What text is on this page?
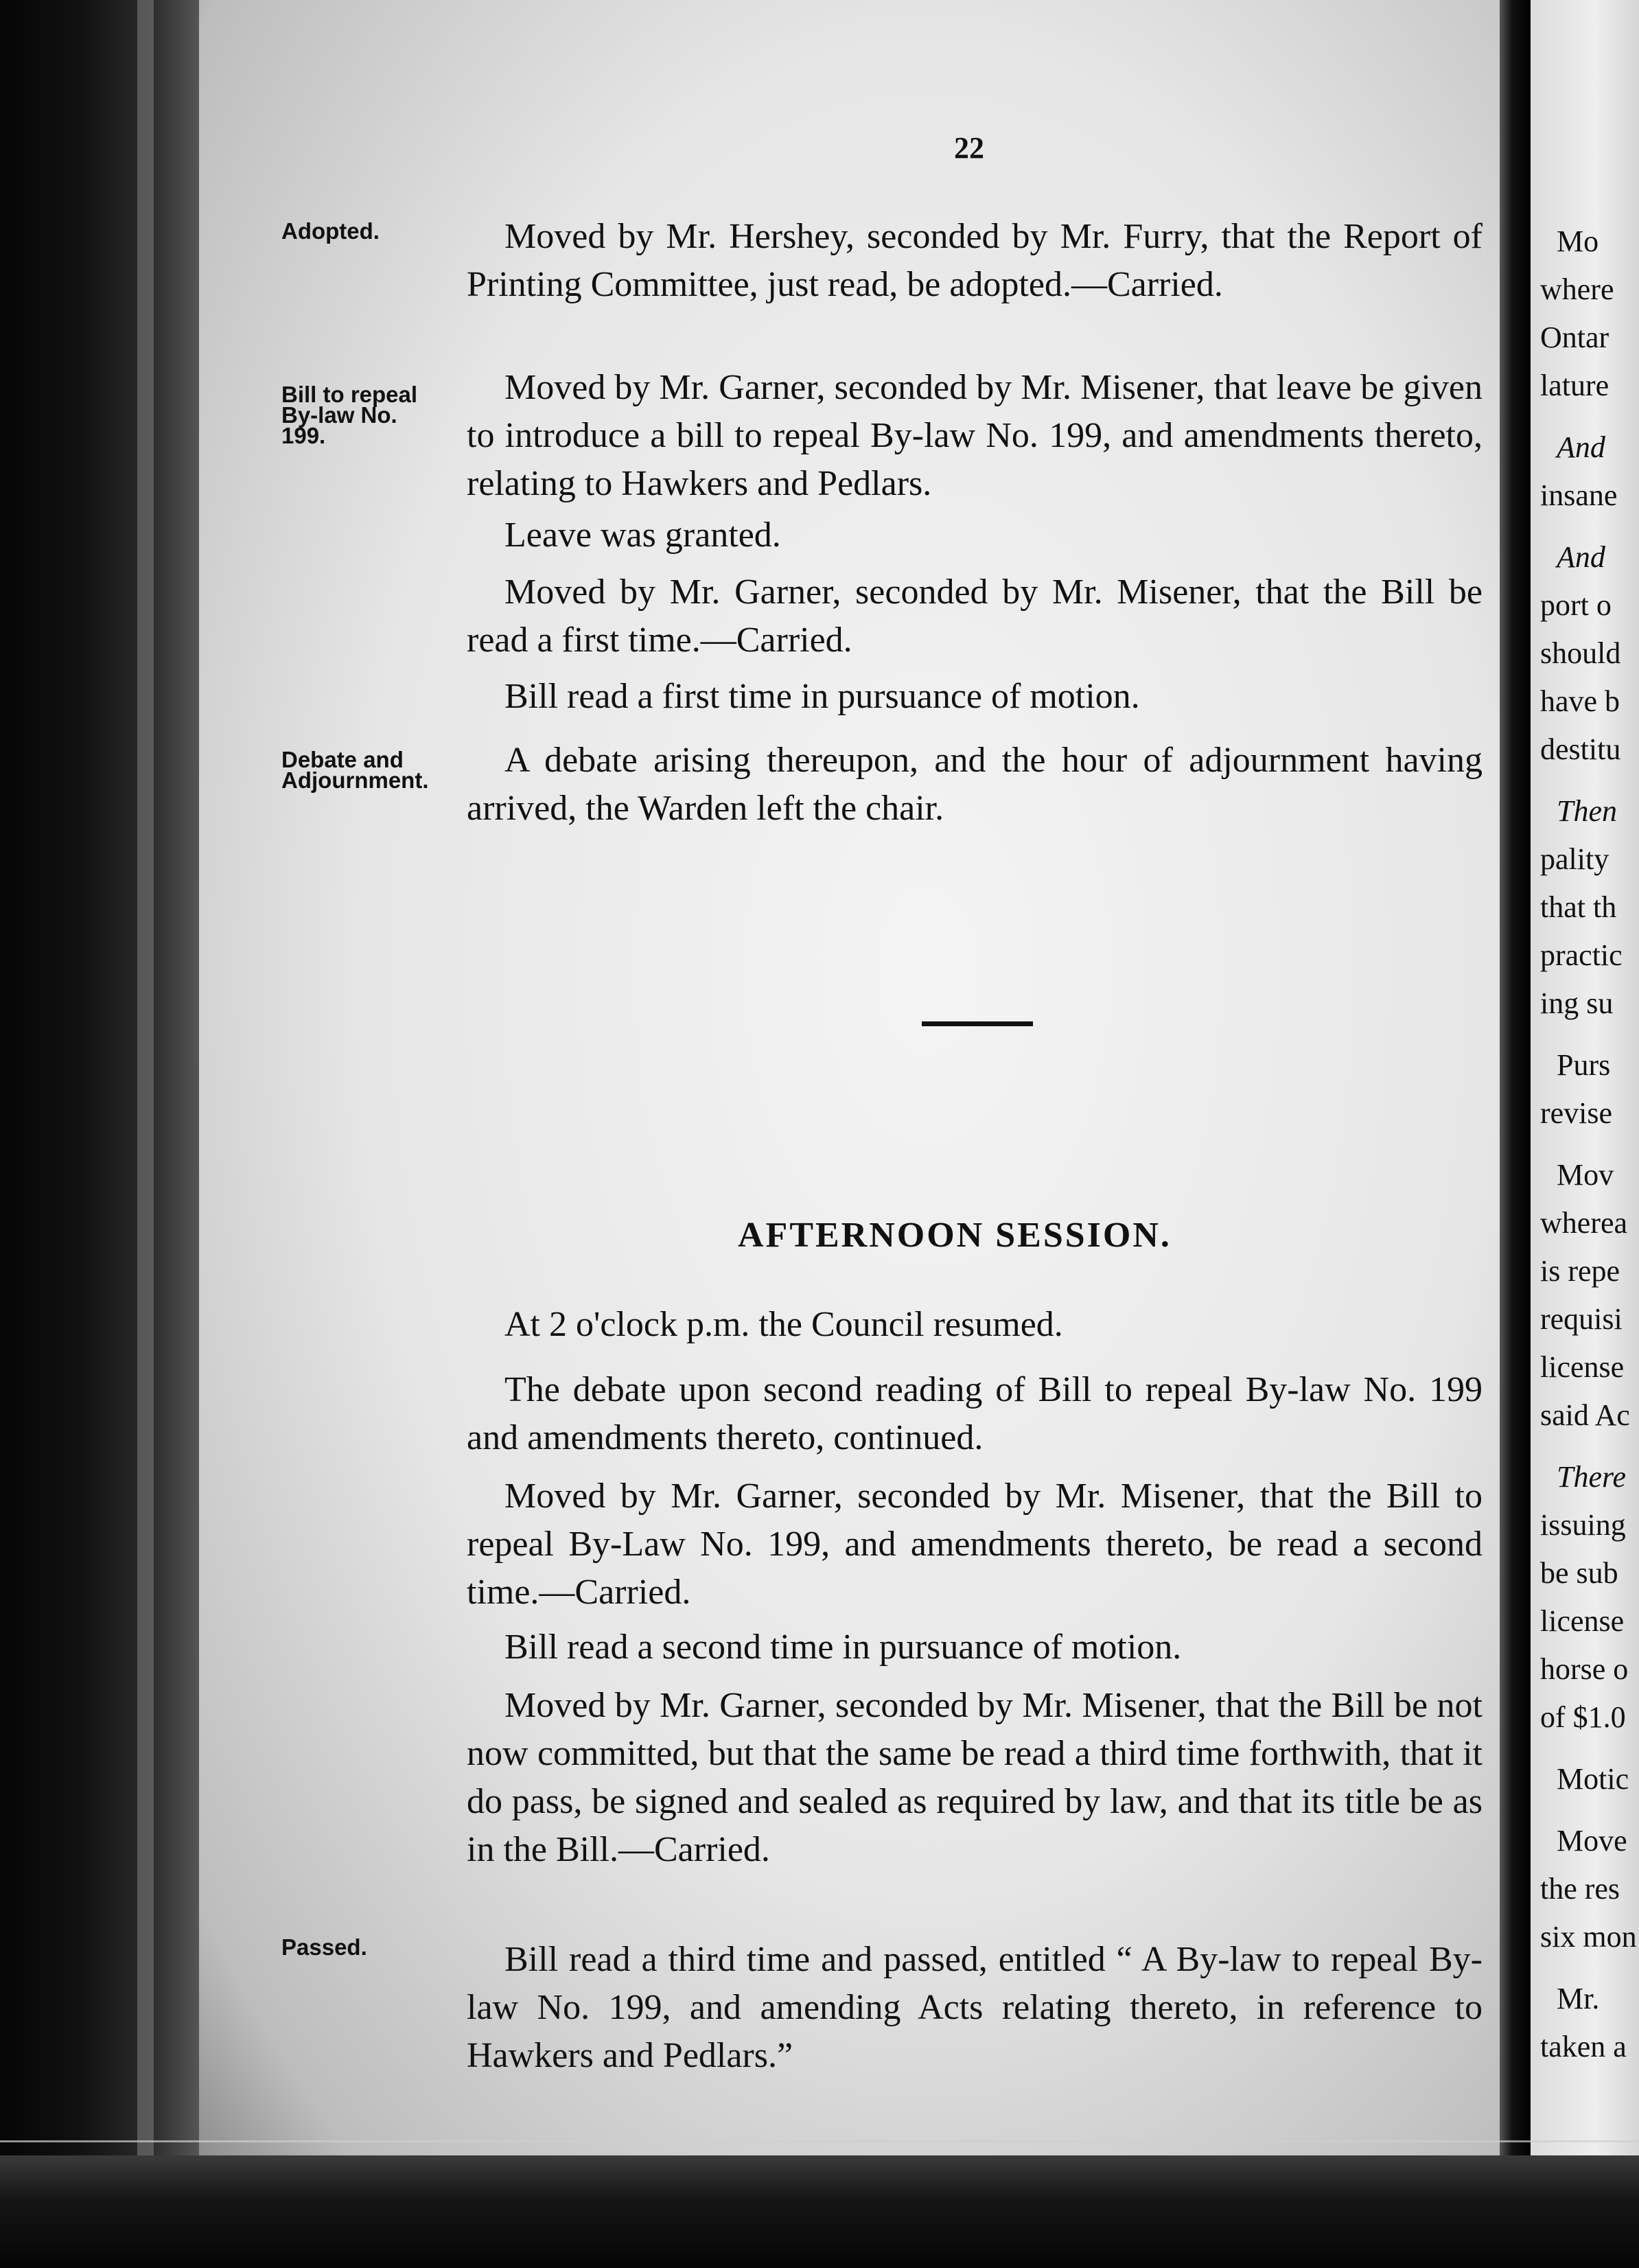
22
Adopted.
Bill to repeal
By-law No.
199.
Debate and
Adjournment.
Passed.
Moved by Mr. Hershey, seconded by Mr. Furry, that the Report of Printing Committee, just read, be adopted.—Carried.
Moved by Mr. Garner, seconded by Mr. Misener, that leave be given to introduce a bill to repeal By-law No. 199, and amendments thereto, relating to Hawkers and Pedlars.
Leave was granted.
Moved by Mr. Garner, seconded by Mr. Misener, that the Bill be read a first time.—Carried.
Bill read a first time in pursuance of motion.
A debate arising thereupon, and the hour of adjournment having arrived, the Warden left the chair.
AFTERNOON SESSION.
At 2 o'clock p.m. the Council resumed.
The debate upon second reading of Bill to repeal By-law No. 199 and amendments thereto, continued.
Moved by Mr. Garner, seconded by Mr. Misener, that the Bill to repeal By-Law No. 199, and amendments thereto, be read a second time.—Carried.
Bill read a second time in pursuance of motion.
Moved by Mr. Garner, seconded by Mr. Misener, that the Bill be not now committed, but that the same be read a third time forthwith, that it do pass, be signed and sealed as required by law, and that its title be as in the Bill.—Carried.
Bill read a third time and passed, entitled “ A By-law to repeal By-law No. 199, and amending Acts relating thereto, in reference to Hawkers and Pedlars.”
Mo
where
Ontar
lature
And
insane
And
port o
should
have b
destitu
Then
pality
that th
practic
ing su
Purs
revise
Mov
wherea
is repe
requisi
license
said Ac
There
issuing
be sub
license
horse o
of $1.0
Motic
Move
the res
six mon
Mr.
taken a
